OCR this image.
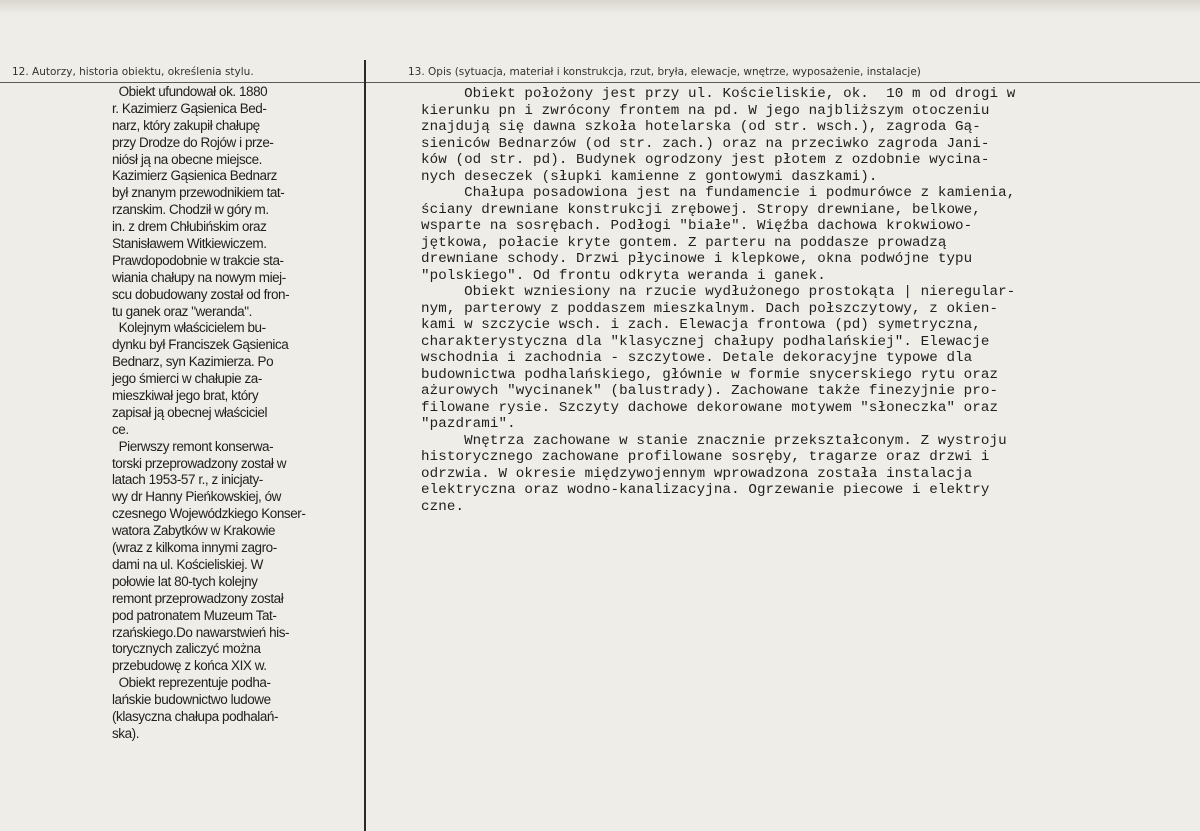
12. Autorzy, historia obiektu, określenia stylu.	13. Opis (sytuacja, materiał i konstrukcja, rzut, bryła, elewacje, wnętrze, wyposażenie, instalacje)
Obiekt ufundował ok. 1880
r. Kazimierz Gąsienica Bed-
narz, który zakupił chałupę
przy Drodze do Rojów i prze-
niósł ją na obecne miejsce.
Kazimierz Gąsienica Bednarz
był znanym przewodnikiem tat-
rzanskim. Chodził w góry m.
in. z drem Chłubińskim oraz
Stanisławem Witkiewiczem.
Prawdopodobnie w trakcie sta-
wiania chałupy na nowym miej-
scu dobudowany został od fron-
tu ganek oraz "weranda".
Kolejnym właścicielem bu-
dynku był Franciszek Gąsienica
Bednarz, syn Kazimierza. Po
jego śmierci w chałupie za-
mieszkiwał jego brat, który
zapisał ją obecnej właściciel
ce.
Pierwszy remont konserwa-
torski przeprowadzony został w
latach 1953-57 r., z inicjaty-
wy dr Hanny Pieńkowskiej, ów
czesnego Wojewódzkiego Konser-
watora Zabytków w Krakowie
(wraz z kilkoma innymi zagro-
dami na ul. Kościeliskiej. W
połowie lat 80-tych kolejny
remont przeprowadzony został
pod patronatem Muzeum Tat-
rzańskiego.Do nawarstwień his-
torycznych zaliczyć można
przebudowę z końca XIX w.
Obiekt reprezentuje podha-
lańskie budownictwo ludowe
(klasyczna chałupa podhalań-
ska).
Obiekt położony jest przy ul. Kościeliskie, ok.  10 m od drogi w
kierunku pn i zwrócony frontem na pd. W jego najbliższym otoczeniu
znajdują się dawna szkoła hotelarska (od str. wsch.), zagroda Gą-
sieniców Bednarzów (od str. zach.) oraz na przeciwko zagroda Jani-
ków (od str. pd). Budynek ogrodzony jest płotem z ozdobnie wycina-
nych deseczek (słupki kamienne z gontowymi daszkami).
Chałupa posadowiona jest na fundamencie i podmurówce z kamienia,
ściany drewniane konstrukcji zrębowej. Stropy drewniane, belkowe,
wsparte na sosrębach. Podłogi "białe". Więźba dachowa krokwiowo-
jętkowa, połacie kryte gontem. Z parteru na poddasze prowadzą
drewniane schody. Drzwi płycinowe i klepkowe, okna podwójne typu
"polskiego". Od frontu odkryta weranda i ganek.
Obiekt wzniesiony na rzucie wydłużonego prostokąta | nieregular-
nym, parterowy z poddaszem mieszkalnym. Dach połszczytowy, z okien-
kami w szczycie wsch. i zach. Elewacja frontowa (pd) symetryczna,
charakterystyczna dla "klasycznej chałupy podhalańskiej". Elewacje
wschodnia i zachodnia - szczytowe. Detale dekoracyjne typowe dla
budownictwa podhalańskiego, głównie w formie snycerskiego rytu oraz
ażurowych "wycinanek" (balustrady). Zachowane także finezyjnie pro-
filowane rysie. Szczyty dachowe dekorowane motywem "słoneczka" oraz
"pazdrami".
Wnętrza zachowane w stanie znacznie przekształconym. Z wystroju
historycznego zachowane profilowane sosręby, tragarze oraz drzwi i
odrzwia. W okresie międzywojennym wprowadzona została instalacja
elektryczna oraz wodno-kanalizacyjna. Ogrzewanie piecowe i elektry
czne.
